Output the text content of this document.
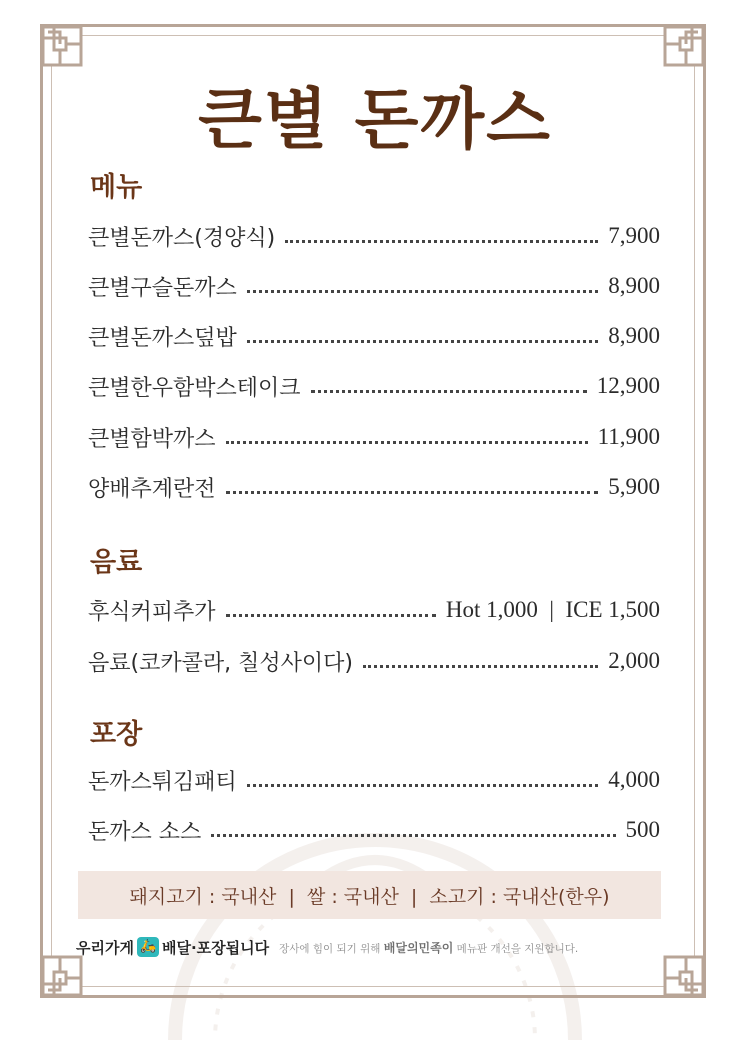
큰별 돈까스
메뉴
큰별돈까스(경양식)	7,900
큰별구슬돈까스	8,900
큰별돈까스덮밥	8,900
큰별한우함박스테이크	12,900
큰별함박까스	11,900
양배추계란전	5,900
음료
후식커피추가	Hot 1,000  |  ICE 1,500
음료(코카콜라, 칠성사이다)	2,000
포장
돈까스튀김패티	4,000
돈까스 소스	500
돼지고기 : 국내산  |  쌀 : 국내산  |  소고기 : 국내산(한우)
우리가게 🛵 배달·포장됩니다 장사에 힘이 되기 위해 배달의민족이 메뉴판 개선을 지원합니다.
